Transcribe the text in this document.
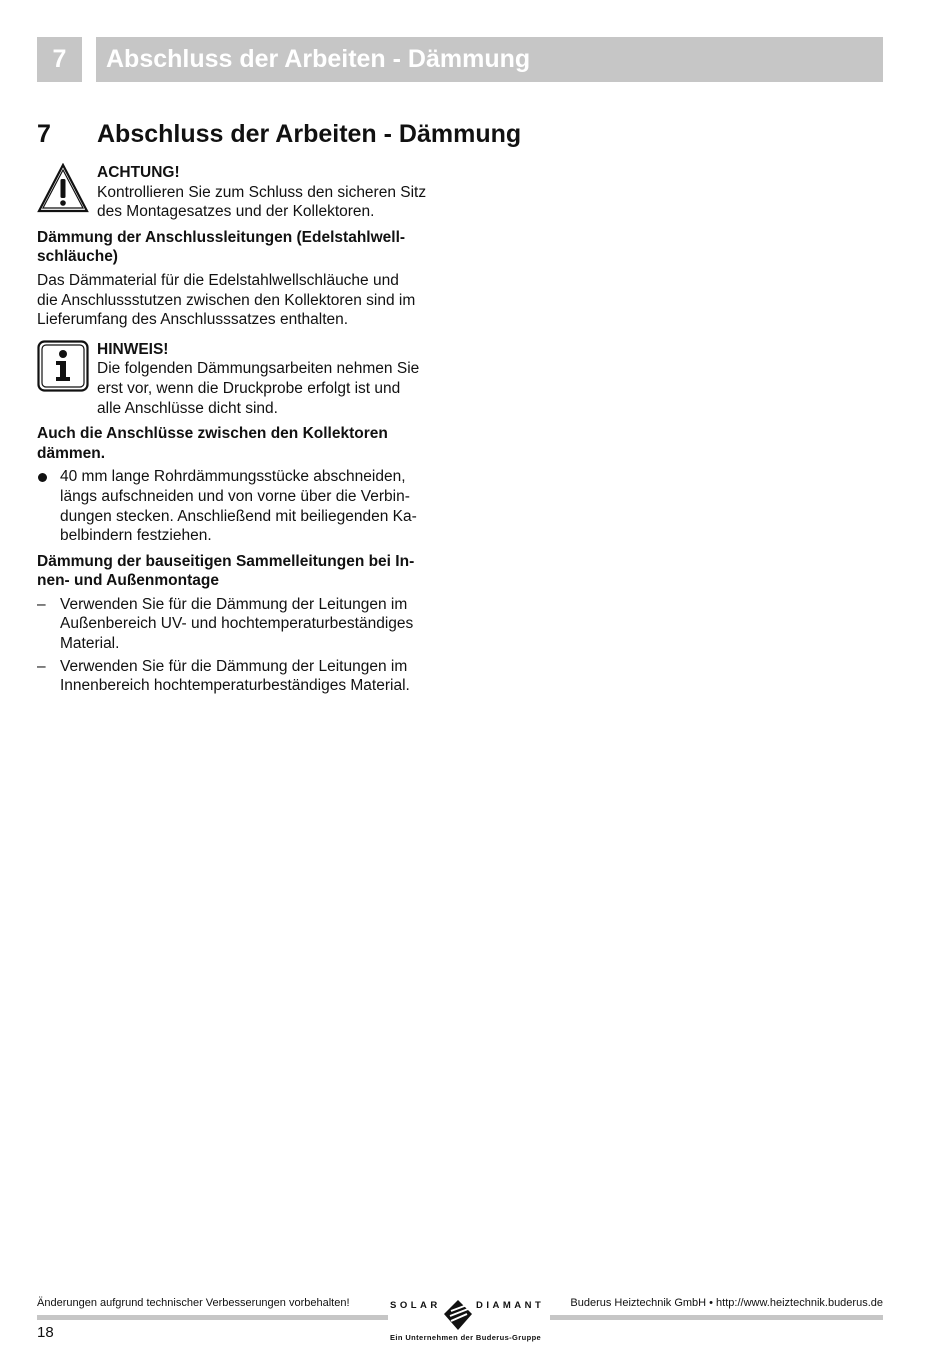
7 Abschluss der Arbeiten - Dämmung
7 Abschluss der Arbeiten - Dämmung
ACHTUNG!
Kontrollieren Sie zum Schluss den sicheren Sitz
des Montagesatzes und der Kollektoren.
Dämmung der Anschlussleitungen (Edelstahlwell-
schläuche)
Das Dämmaterial für die Edelstahlwellschläuche und
die Anschlussstutzen zwischen den Kollektoren sind im
Lieferumfang des Anschlusssatzes enthalten.
HINWEIS!
Die folgenden Dämmungsarbeiten nehmen Sie
erst vor, wenn die Druckprobe erfolgt ist und
alle Anschlüsse dicht sind.
Auch die Anschlüsse zwischen den Kollektoren
dämmen.
40 mm lange Rohrdämmungsstücke abschneiden,
längs aufschneiden und von vorne über die Verbin-
dungen stecken. Anschließend mit beiliegenden Ka-
belbindern festziehen.
Dämmung der bauseitigen Sammelleitungen bei In-
nen- und Außenmontage
– Verwenden Sie für die Dämmung der Leitungen im
Außenbereich UV- und hochtemperaturbeständiges
Material.
– Verwenden Sie für die Dämmung der Leitungen im
Innenbereich hochtemperaturbeständiges Material.
Änderungen aufgrund technischer Verbesserungen vorbehalten!	Buderus Heiztechnik GmbH • http://www.heiztechnik.buderus.de
18
SOLAR	DIAMANT
Ein Unternehmen der Buderus-Gruppe
